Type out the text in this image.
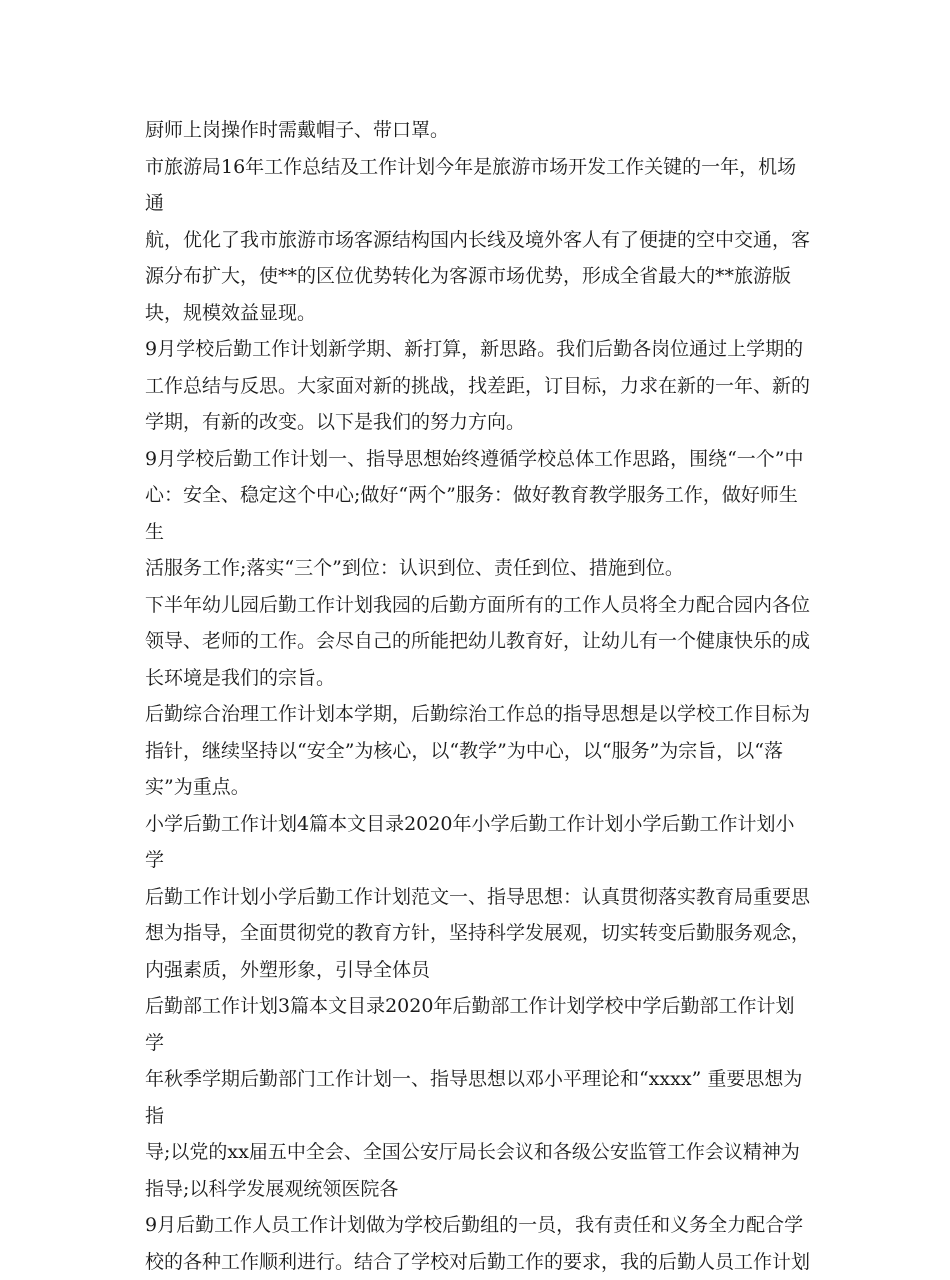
厨师上岗操作时需戴帽子、带口罩。

市旅游局16年工作总结及工作计划今年是旅游市场开发工作关键的一年，机场通
航，优化了我市旅游市场客源结构国内长线及境外客人有了便捷的空中交通，客
源分布扩大，使**的区位优势转化为客源市场优势，形成全省最大的**旅游版
块，规模效益显现。

9月学校后勤工作计划新学期、新打算，新思路。我们后勤各岗位通过上学期的
工作总结与反思。大家面对新的挑战，找差距，订目标，力求在新的一年、新的
学期，有新的改变。以下是我们的努力方向。

9月学校后勤工作计划一、指导思想始终遵循学校总体工作思路，围绕“一个”中
心：安全、稳定这个中心;做好“两个”服务：做好教育教学服务工作，做好师生生
活服务工作;落实“三个”到位：认识到位、责任到位、措施到位。

下半年幼儿园后勤工作计划我园的后勤方面所有的工作人员将全力配合园内各位
领导、老师的工作。会尽自己的所能把幼儿教育好，让幼儿有一个健康快乐的成
长环境是我们的宗旨。

后勤综合治理工作计划本学期，后勤综治工作总的指导思想是以学校工作目标为
指针，继续坚持以“安全”为核心，以“教学”为中心，以“服务”为宗旨，以“落
实”为重点。

小学后勤工作计划4篇本文目录2020年小学后勤工作计划小学后勤工作计划小学
后勤工作计划小学后勤工作计划范文一、指导思想：认真贯彻落实教育局重要思
想为指导，全面贯彻党的教育方针，坚持科学发展观，切实转变后勤服务观念，
内强素质，外塑形象，引导全体员

后勤部工作计划3篇本文目录2020年后勤部工作计划学校中学后勤部工作计划学
年秋季学期后勤部门工作计划一、指导思想以邓小平理论和“xxxx” 重要思想为指
导;以党的xx届五中全会、全国公安厅局长会议和各级公安监管工作会议精神为
指导;以科学发展观统领医院各

9月后勤工作人员工作计划做为学校后勤组的一员，我有责任和义务全力配合学
校的各种工作顺利进行。结合了学校对后勤工作的要求，我的后勤人员工作计划
